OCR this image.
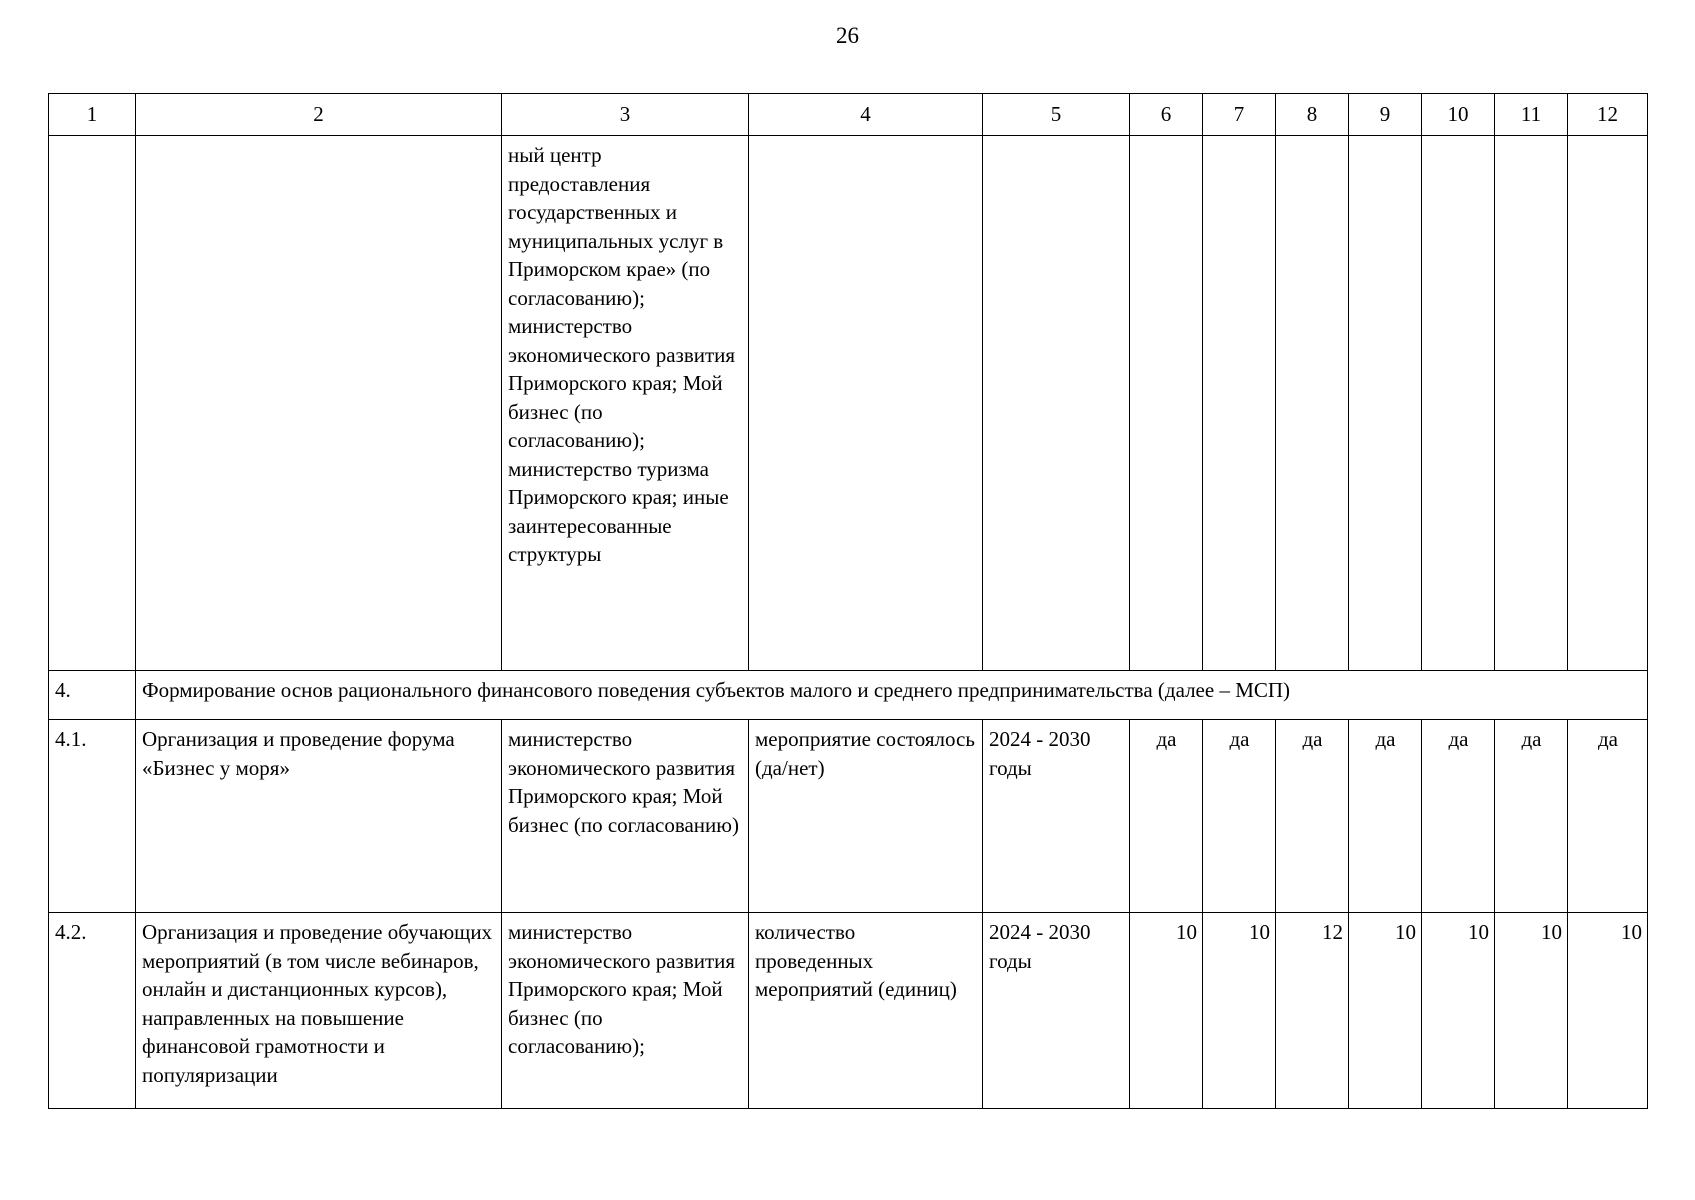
26
1	2	3	4	5	6	7	8	9	10	11	12
		ный центр предоставления государственных и муниципальных услуг в Приморском крае» (по согласованию); министерство экономического развития Приморского края; Мой бизнес (по согласованию); министерство туризма Приморского края; иные заинтересованные структуры									
4.	Формирование основ рационального финансового поведения субъектов малого и среднего предпринимательства (далее – МСП)										
4.1.	Организация и проведение форума «Бизнес у моря»	министерство экономического развития Приморского края; Мой бизнес (по согласованию)	мероприятие состоялось (да/нет)	2024 - 2030 годы	да	да	да	да	да	да	да
4.2.	Организация и проведение обучающих мероприятий (в том числе вебинаров, онлайн и дистанционных курсов), направленных на повышение финансовой грамотности и популяризации	министерство экономического развития Приморского края; Мой бизнес (по согласованию);	количество проведенных мероприятий (единиц)	2024 - 2030 годы	10	10	12	10	10	10	10
